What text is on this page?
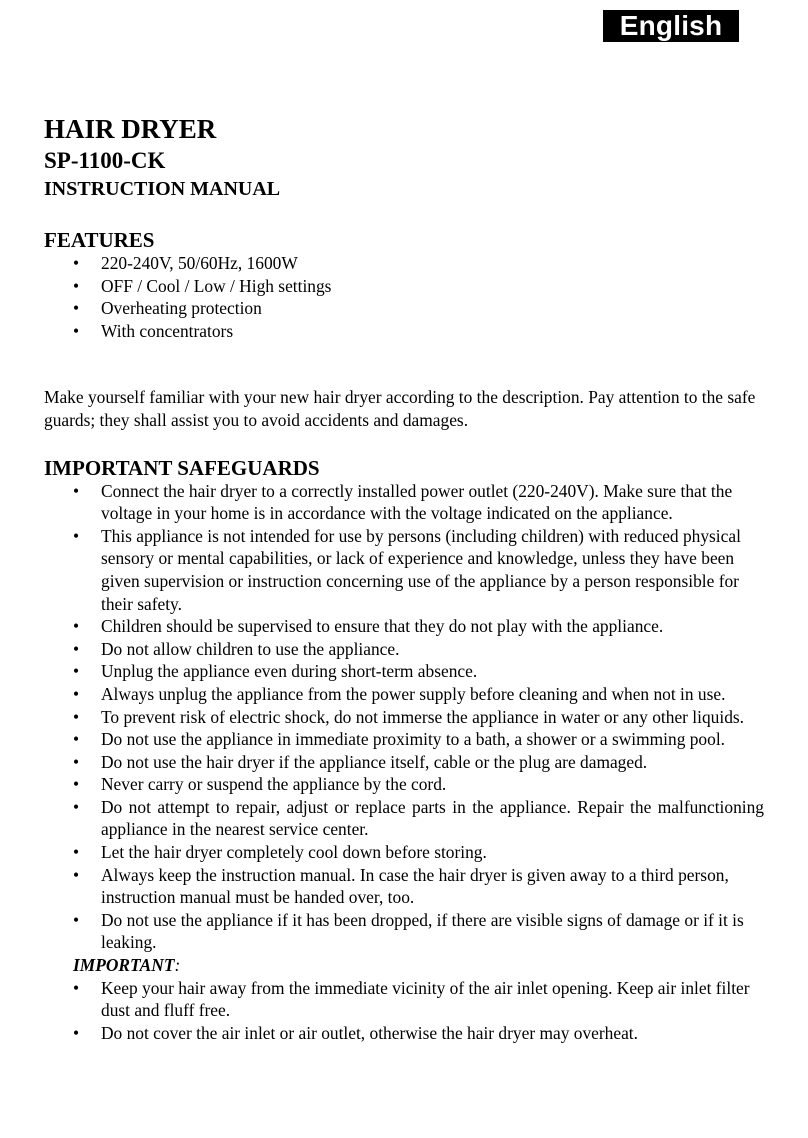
English
HAIR DRYER
SP-1100-CK
INSTRUCTION MANUAL
FEATURES
• 220-240V, 50/60Hz, 1600W
• OFF / Cool / Low / High settings
• Overheating protection
• With concentrators

Make yourself familiar with your new hair dryer according to the description. Pay attention to the safe guards; they shall assist you to avoid accidents and damages.

IMPORTANT SAFEGUARDS
• Connect the hair dryer to a correctly installed power outlet (220-240V). Make sure that the voltage in your home is in accordance with the voltage indicated on the appliance.
• This appliance is not intended for use by persons (including children) with reduced physical sensory or mental capabilities, or lack of experience and knowledge, unless they have been given supervision or instruction concerning use of the appliance by a person responsible for their safety.
• Children should be supervised to ensure that they do not play with the appliance.
• Do not allow children to use the appliance.
• Unplug the appliance even during short-term absence.
• Always unplug the appliance from the power supply before cleaning and when not in use.
• To prevent risk of electric shock, do not immerse the appliance in water or any other liquids.
• Do not use the appliance in immediate proximity to a bath, a shower or a swimming pool.
• Do not use the hair dryer if the appliance itself, cable or the plug are damaged.
• Never carry or suspend the appliance by the cord.
• Do not attempt to repair, adjust or replace parts in the appliance. Repair the malfunctioning appliance in the nearest service center.
• Let the hair dryer completely cool down before storing.
• Always keep the instruction manual. In case the hair dryer is given away to a third person, instruction manual must be handed over, too.
• Do not use the appliance if it has been dropped, if there are visible signs of damage or if it is leaking.

IMPORTANT:

• Keep your hair away from the immediate vicinity of the air inlet opening. Keep air inlet filter dust and fluff free.
• Do not cover the air inlet or air outlet, otherwise the hair dryer may overheat.
